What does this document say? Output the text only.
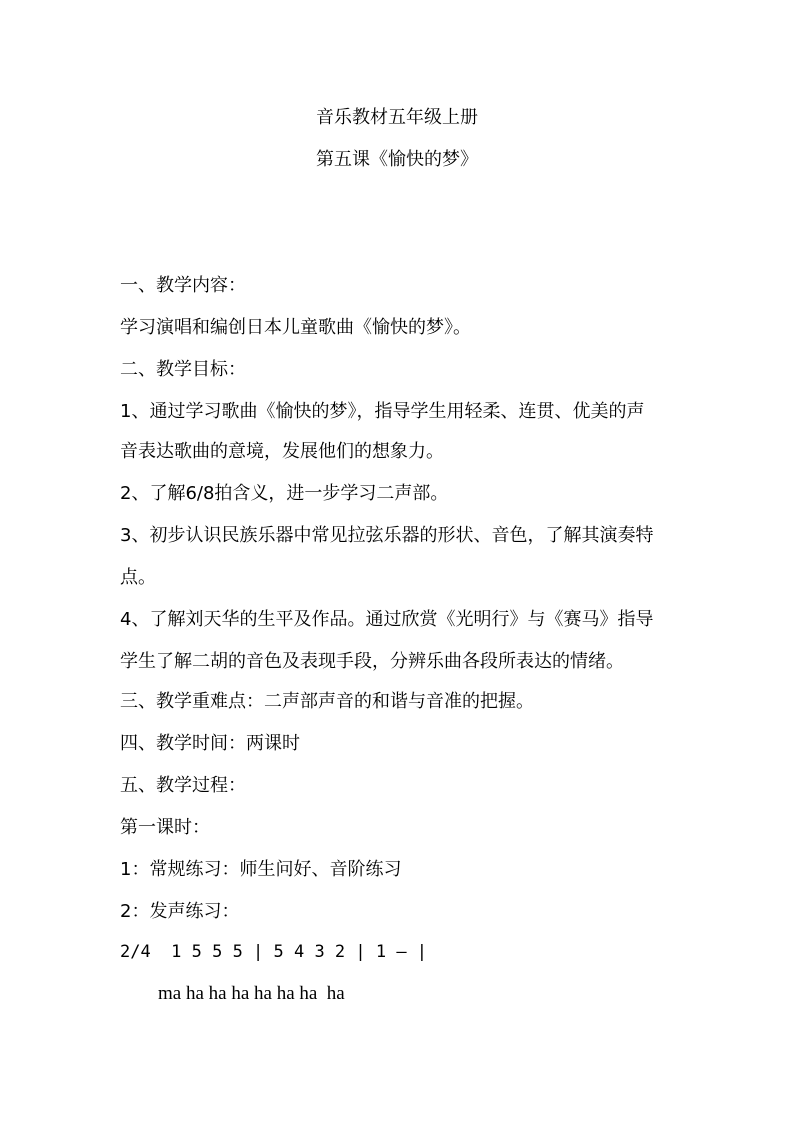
音乐教材五年级上册
第五课《愉快的梦》
一、教学内容：
学习演唱和编创日本儿童歌曲《愉快的梦》。
二、教学目标：
1、通过学习歌曲《愉快的梦》，指导学生用轻柔、连贯、优美的声
音表达歌曲的意境，发展他们的想象力。
2、了解6/8拍含义，进一步学习二声部。
3、初步认识民族乐器中常见拉弦乐器的形状、音色，了解其演奏特
点。
4、了解刘天华的生平及作品。通过欣赏《光明行》与《赛马》指导
学生了解二胡的音色及表现手段，分辨乐曲各段所表达的情绪。
三、教学重难点：二声部声音的和谐与音准的把握。
四、教学时间：两课时
五、教学过程：
第一课时：
1：常规练习：师生问好、音阶练习
2：发声练习：
2/4  1 5 5 5 | 5 4 3 2 | 1 — |
ma ha ha ha ha ha ha  ha
